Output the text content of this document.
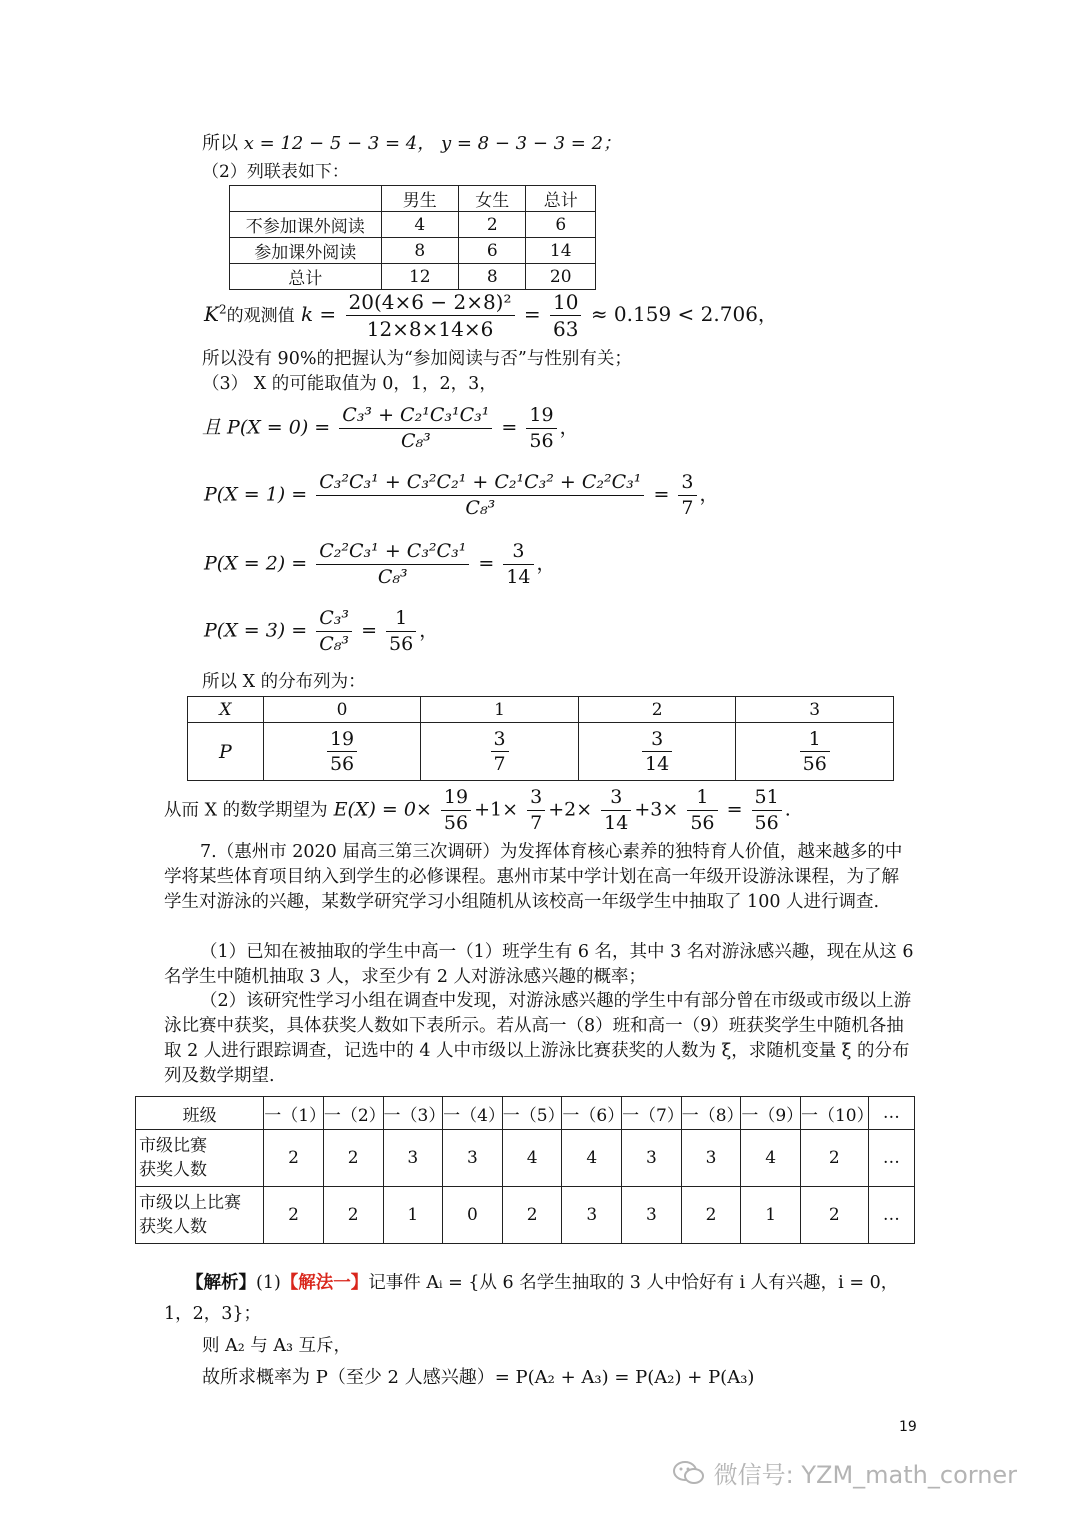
所以 x = 12 − 5 − 3 = 4， y = 8 − 3 − 3 = 2；
（2）列联表如下：
	男生	女生	总计
不参加课外阅读	4	2	6
参加课外阅读	8	6	14
总计	12	8	20
$K^2$的观测值 $k = \frac{\text{20(4×6 − 2×8)²}}{12\times 8\times 14\times 6} = \frac{10}{63} \approx 0.159 < 2.706$，
所以没有 90%的把握认为“参加阅读与否”与性别有关；
（3） X 的可能取值为 0，1，2，3，
且 $P(X = 0) = \frac{\text{C₃³ + C₂¹C₃¹C₃¹}}{\text{C₈³}} = \frac{19}{56}$ ，
$P(X = 1) = \frac{\text{C₃²C₃¹ + C₃²C₂¹ + C₂¹C₃² + C₂²C₃¹}}{\text{C₈³}} = \frac{3}{7}$ ，
$P(X = 2) = \frac{\text{C₂²C₃¹ + C₃²C₃¹}}{\text{C₈³}} = \frac{3}{14}$ ，
$P(X = 3) = \frac{\text{C₃³}}{\text{C₈³}} = \frac{1}{56}$ ，
所以 X 的分布列为：
X	0	1	2	3
P	$\frac{19}{56}$	$\frac{3}{7}$	$\frac{3}{14}$	$\frac{1}{56}$
从而 X 的数学期望为 $E(X) = 0\times \frac{19}{56} +1\times \frac{3}{7} +2\times \frac{3}{14} +3\times \frac{1}{56} = \frac{51}{56}$ .
7.（惠州市 2020 届高三第三次调研）为发挥体育核心素养的独特育人价值，越来越多的中学将某些体育项目纳入到学生的必修课程。惠州市某中学计划在高一年级开设游泳课程，为了解学生对游泳的兴趣，某数学研究学习小组随机从该校高一年级学生中抽取了 100 人进行调查.
（1）已知在被抽取的学生中高一（1）班学生有 6 名，其中 3 名对游泳感兴趣，现在从这 6 名学生中随机抽取 3 人，求至少有 2 人对游泳感兴趣的概率；
（2）该研究性学习小组在调查中发现，对游泳感兴趣的学生中有部分曾在市级或市级以上游泳比赛中获奖，具体获奖人数如下表所示。若从高一（8）班和高一（9）班获奖学生中随机各抽取 2 人进行跟踪调查，记选中的 4 人中市级以上游泳比赛获奖的人数为 ξ，求随机变量 ξ 的分布列及数学期望.
班级	一（1）	一（2）	一（3）	一（4）	一（5）	一（6）	一（7）	一（8）	一（9）	一（10）	…
市级比赛
获奖人数	2	2	3	3	4	4	3	3	4	2	…
市级以上比赛
获奖人数	2	2	1	0	2	3	3	2	1	2	…
【解析】(1)【解法一】记事件 Aᵢ = {从 6 名学生抽取的 3 人中恰好有 i 人有兴趣，i = 0，
1，2，3}；
则 A₂ 与 A₃ 互斥，
故所求概率为 P（至少 2 人感兴趣）= P(A₂ + A₃) = P(A₂) + P(A₃)
19
微信号: YZM_math_corner
